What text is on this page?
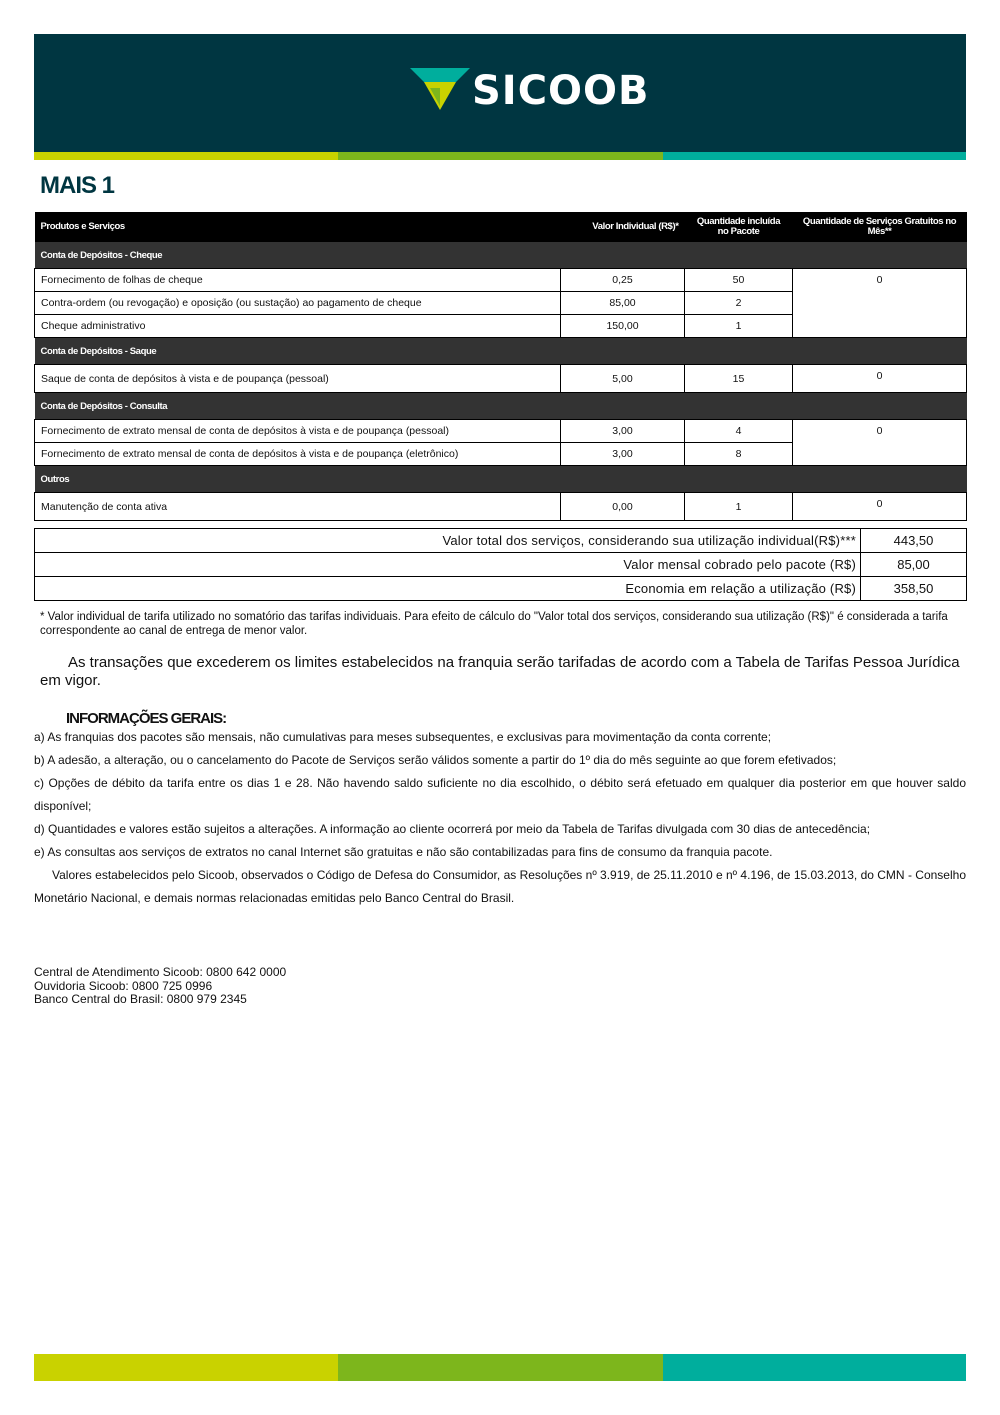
SICOOB
MAIS 1
Produtos e Serviços	Valor Individual (R$)*	Quantidade incluída no Pacote	Quantidade de Serviços Gratuitos no Mês**
Conta de Depósitos - Cheque			
Fornecimento de folhas de cheque	0,25	50	0
Contra-ordem (ou revogação) e oposição (ou sustação) ao pagamento de cheque	85,00	2	
Cheque administrativo	150,00	1	
Conta de Depósitos - Saque			
Saque de conta de depósitos à vista e de poupança (pessoal)	5,00	15	0
Conta de Depósitos - Consulta			
Fornecimento de extrato mensal de conta de depósitos à vista e de poupança (pessoal)	3,00	4	0
Fornecimento de extrato mensal de conta de depósitos à vista e de poupança (eletrônico)	3,00	8	
Outros			
Manutenção de conta ativa	0,00	1	0
Valor total dos serviços, considerando sua utilização individual(R$)***	443,50
Valor mensal cobrado pelo pacote (R$)	85,00
Economia em relação a utilização (R$)	358,50
* Valor individual de tarifa utilizado no somatório das tarifas individuais. Para efeito de cálculo do "Valor total dos serviços, considerando sua utilização (R$)" é considerada a tarifa correspondente ao canal de entrega de menor valor.
As transações que excederem os limites estabelecidos na franquia serão tarifadas de acordo com a Tabela de Tarifas Pessoa Jurídica em vigor.
INFORMAÇÕES GERAIS:

a) As franquias dos pacotes são mensais, não cumulativas para meses subsequentes, e exclusivas para movimentação da conta corrente;

b) A adesão, a alteração, ou o cancelamento do Pacote de Serviços serão válidos somente a partir do 1º dia do mês seguinte ao que forem efetivados;

c) Opções de débito da tarifa entre os dias 1 e 28. Não havendo saldo suficiente no dia escolhido, o débito será efetuado em qualquer dia posterior em que houver saldo disponível;

d) Quantidades e valores estão sujeitos a alterações. A informação ao cliente ocorrerá por meio da Tabela de Tarifas divulgada com 30 dias de antecedência;

e) As consultas aos serviços de extratos no canal Internet são gratuitas e não são contabilizadas para fins de consumo da franquia pacote.

Valores estabelecidos pelo Sicoob, observados o Código de Defesa do Consumidor, as Resoluções nº 3.919, de 25.11.2010 e nº 4.196, de 15.03.2013, do CMN - Conselho Monetário Nacional, e demais normas relacionadas emitidas pelo Banco Central do Brasil.

Central de Atendimento Sicoob: 0800 642 0000
Ouvidoria Sicoob: 0800 725 0996
Banco Central do Brasil: 0800 979 2345
